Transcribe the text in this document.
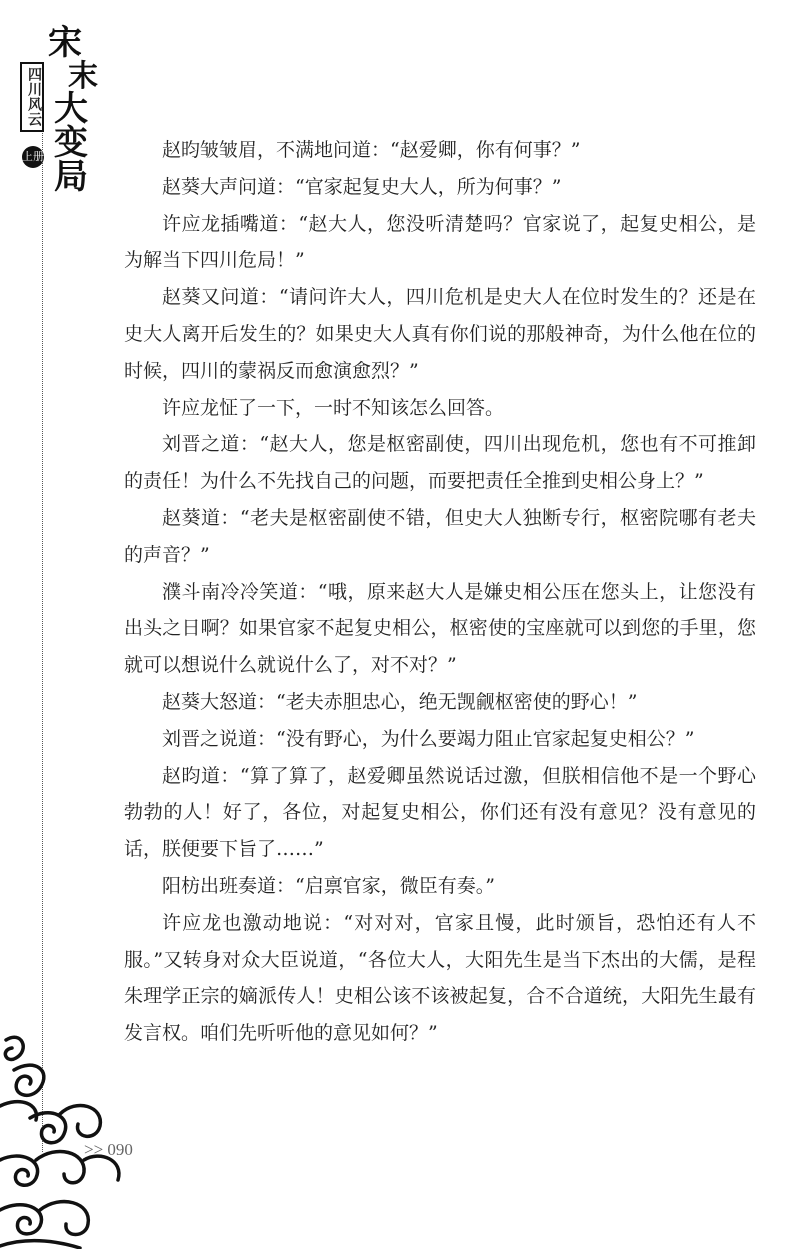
四川风云
宋
末
大
变
局
上册	赵昀皱皱眉，不满地问道：“赵爱卿，你有何事？”

赵葵大声问道：“官家起复史大人，所为何事？”

许应龙插嘴道：“赵大人，您没听清楚吗？官家说了，起复史相公，是为解当下四川危局！”

赵葵又问道：“请问许大人，四川危机是史大人在位时发生的？还是在史大人离开后发生的？如果史大人真有你们说的那般神奇，为什么他在位的时候，四川的蒙祸反而愈演愈烈？”

许应龙怔了一下，一时不知该怎么回答。

刘晋之道：“赵大人，您是枢密副使，四川出现危机，您也有不可推卸的责任！为什么不先找自己的问题，而要把责任全推到史相公身上？”

赵葵道：“老夫是枢密副使不错，但史大人独断专行，枢密院哪有老夫的声音？”

濮斗南冷冷笑道：“哦，原来赵大人是嫌史相公压在您头上，让您没有出头之日啊？如果官家不起复史相公，枢密使的宝座就可以到您的手里，您就可以想说什么就说什么了，对不对？”

赵葵大怒道：“老夫赤胆忠心，绝无觊觎枢密使的野心！”

刘晋之说道：“没有野心，为什么要竭力阻止官家起复史相公？”

赵昀道：“算了算了，赵爱卿虽然说话过激，但朕相信他不是一个野心勃勃的人！好了，各位，对起复史相公，你们还有没有意见？没有意见的话，朕便要下旨了……”

阳枋出班奏道：“启禀官家，微臣有奏。”

许应龙也激动地说：“对对对，官家且慢，此时颁旨，恐怕还有人不服。”又转身对众大臣说道，“各位大人，大阳先生是当下杰出的大儒，是程朱理学正宗的嫡派传人！史相公该不该被起复，合不合道统，大阳先生最有发言权。咱们先听听他的意见如何？”

>> 090
